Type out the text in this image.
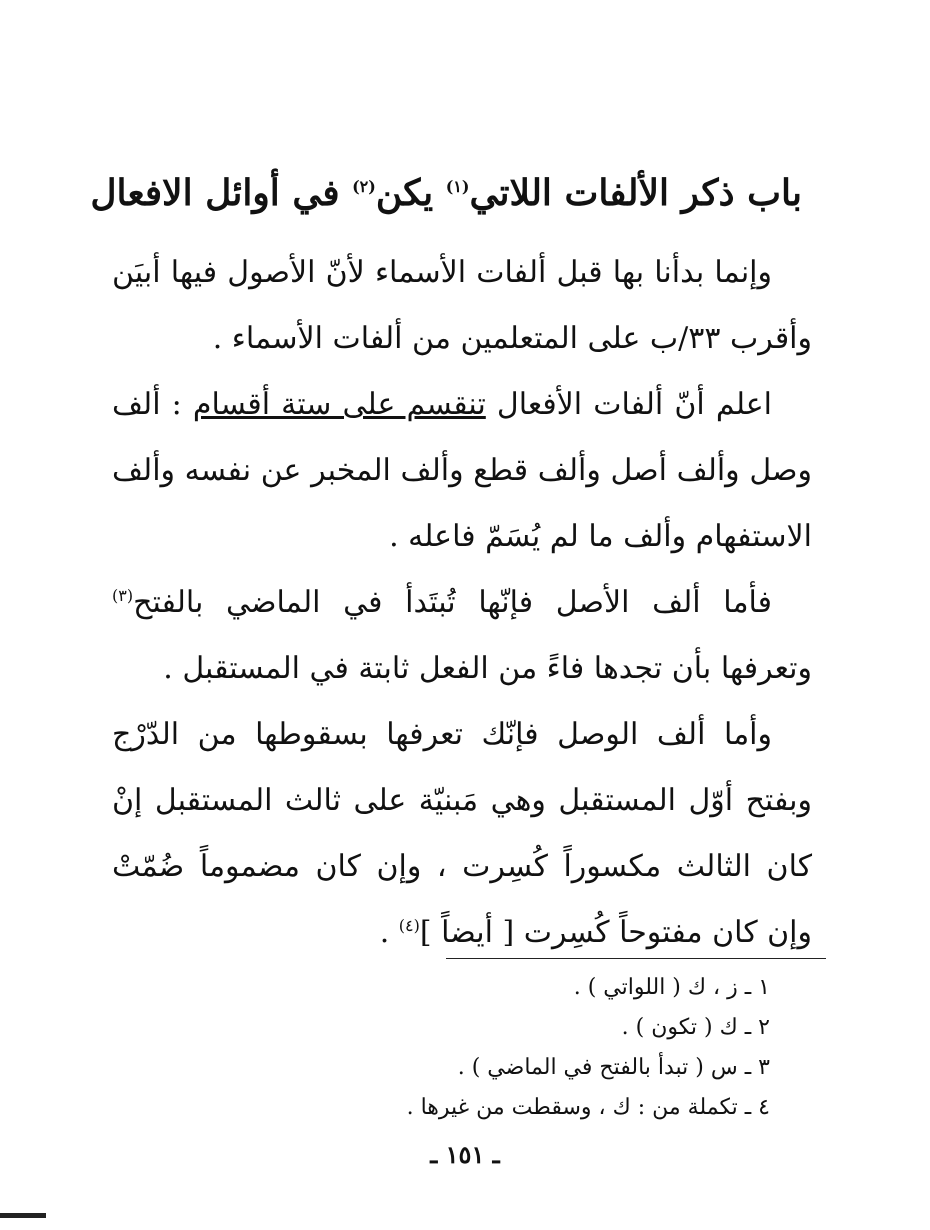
باب ذكر الألفات اللاتي$^{(١)}$ يكن$^{(٢)}$ في أوائل الافعال

وإنما بدأنا بها قبل ألفات الأسماء لأنّ الأصول فيها أبيَن وأقرب ٣٣/ب على المتعلمين من ألفات الأسماء .

اعلم أنّ ألفات الأفعال تنقسم على ستة أقسام : ألف وصل وألف أصل وألف قطع وألف المخبر عن نفسه وألف الاستفهام وألف ما لم يُسَمّ فاعله .

فأما ألف الأصل فإنّها تُبتَدأ في الماضي بالفتح$^{(٣)}$ وتعرفها بأن تجدها فاءً من الفعل ثابتة في المستقبل .

وأما ألف الوصل فإنّك تعرفها بسقوطها من الدّرْج وبفتح أوّل المستقبل وهي مَبنيّة على ثالث المستقبل إنْ كان الثالث مكسوراً كُسِرت ، وإن كان مضموماً ضُمّتْ وإن كان مفتوحاً كُسِرت [ أيضاً ]$^{(٤)}$ .

١ ـ ز ، ك ( اللواتي ) .

٢ ـ ك ( تكون ) .

٣ ـ س ( تبدأ بالفتح في الماضي ) .

٤ ـ تكملة من : ك ، وسقطت من غيرها .

ـ ١٥١ ـ
